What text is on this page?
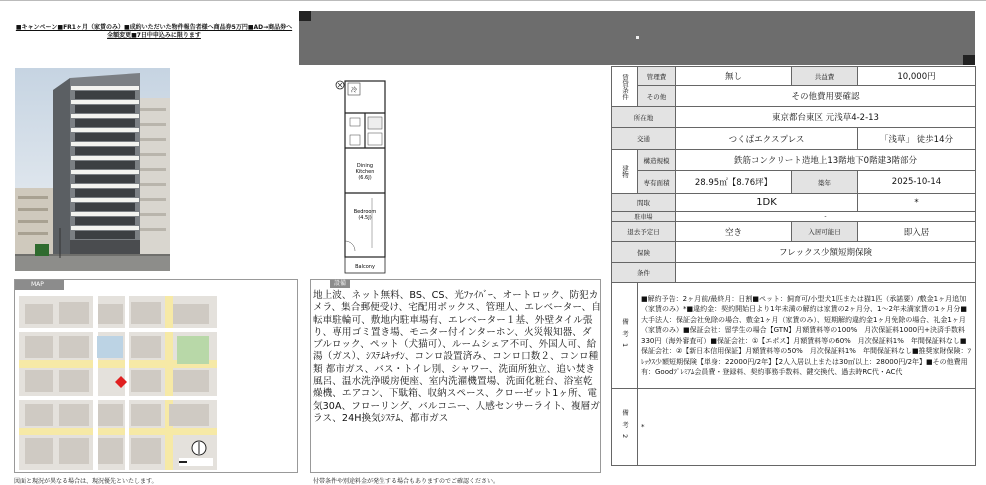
■キャンペーン■FR1ヶ月（家賃のみ）■成約いただいた物件報告者様へ商品券5万円■AD→商品券へ全額変更■7日中申込みに限ります
冷
Dining
Kitchen
(6.6J)
Bedroom
(4.5J)
Balcony
MAP
図面と現況が異なる場合は、現況優先といたします。
設備
地上波、ネット無料、BS、CS、光ﾌｧｲﾊﾞｰ、オートロック、防犯カメラ、集合郵便受け、宅配用ボックス、管理人、エレベーター、自転車駐輪可、敷地内駐車場有、エレベーター１基、外壁タイル張り、専用ゴミ置き場、モニター付インターホン、火災報知器、ダブルロック、ペット（犬猫可）、ルームシェア不可、外国人可、給湯（ガス）、ｼｽﾃﾑｷｯﾁﾝ、コンロ設置済み、コンロ口数２、コンロ種類 都市ガス、バス・トイレ別、シャワー、洗面所独立、追い焚き風呂、温水洗浄暖房便座、室内洗濯機置場、洗面化粧台、浴室乾燥機、エアコン、下駄箱、収納スペース、クローゼット1ヶ所、電気30A、フローリング、バルコニー、人感センサーライト、複層ガラス、24H換気ｼｽﾃﾑ、都市ガス
付帯条件や別途料金が発生する場合もありますのでご確認ください。
賃貸条件	管理費	無し	共益費	10,000円
	その他	その他費用要確認		
所在地		東京都台東区 元浅草4-2-13		
交通		つくばエクスプレス		「浅草」 徒歩14分
建物	構造規模	鉄筋コンクリート造地上13階地下0階建3階部分		
	専有面積	28.95㎡【8.76坪】	築年	2025-10-14
間取		1DK		*
駐車場		-		
退去予定日		空き	入居可能日	即入居
保険		フレックス少額短期保険		
条件				
備考1	■解約予告：2ヶ月前/最終月：日割■ペット：飼育可/小型犬1匹または猫1匹（承諾要）/敷金1ヶ月追加（家賃のみ）*■違約金：契約開始日より1年未満の解約は家賃の2ヶ月分、1〜2年未満家賃の1ヶ月分■大手法人：保証会社免除の場合、敷金1ヶ月（家賃のみ）、短期解約違約金1ヶ月免除の場合、礼金1ヶ月（家賃のみ）■保証会社：留学生の場合【GTN】月額賃料等の100%　月次保証料1000円+決済手数料330円（海外審査可）■保証会社：①【エポス】月額賃料等の60%　月次保証料1%　年間保証料なし■保証会社：②【新日本信用保証】月額賃料等の50%　月次保証料1%　年間保証料なし■推奨家財保険：ﾌﾚｯｸｽ少額短期保険【単身：22000円/2年】【2人入居以上または30㎡以上：28000円/2年】■その他費用有：Goodﾌﾟﾚﾐｱﾑ会員費・登録料、契約事務手数料、鍵交換代、過去時RC代・AC代			
備考2	*			
